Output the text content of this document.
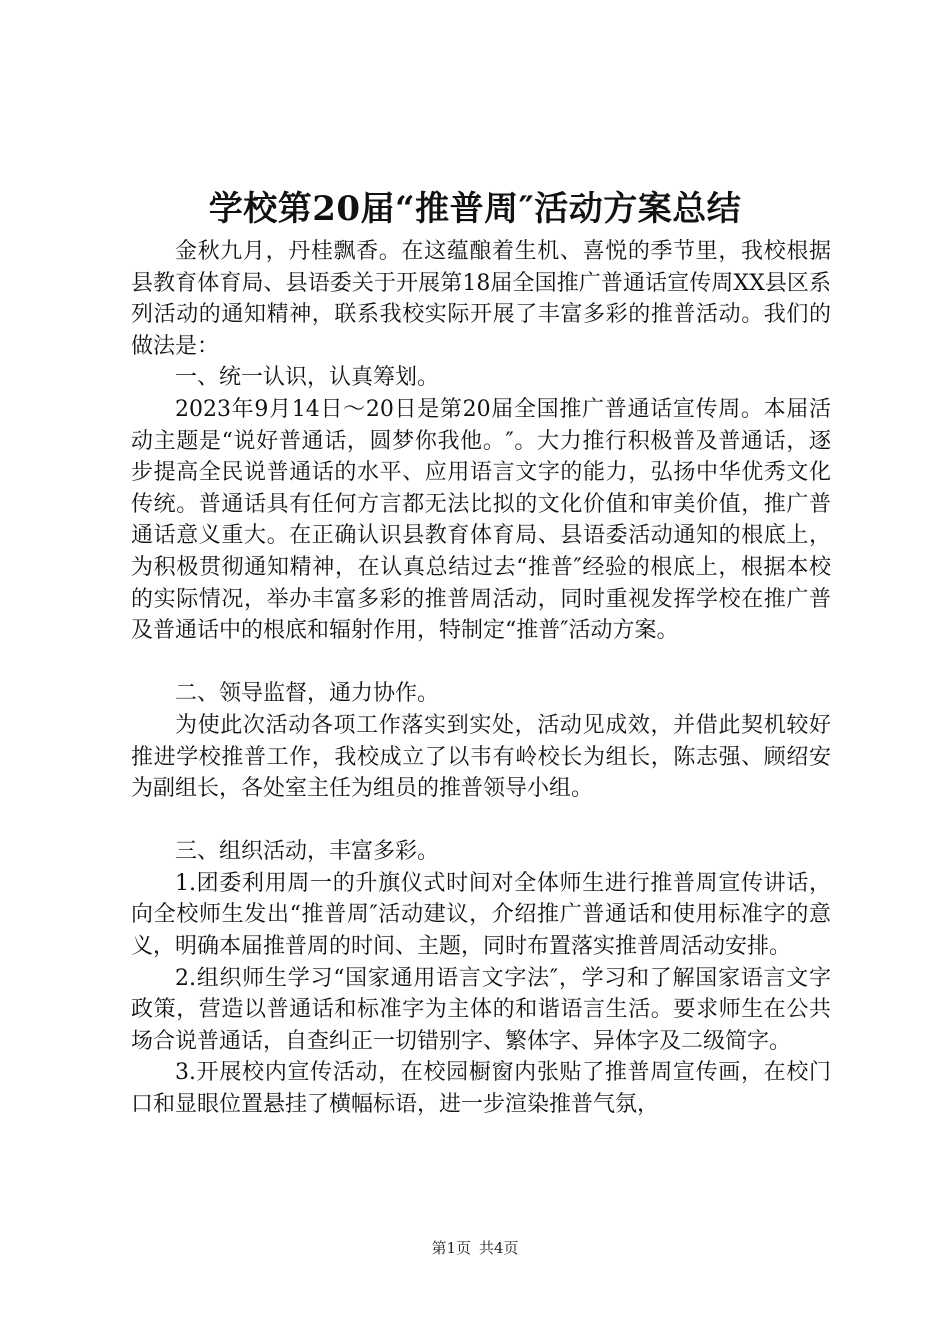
学校第20届“推普周″活动方案总结

金秋九月，丹桂飘香。在这蕴酿着生机、喜悦的季节里，我校根据县教育体育局、县语委关于开展第18届全国推广普通话宣传周XX县区系列活动的通知精神，联系我校实际开展了丰富多彩的推普活动。我们的做法是：

一、统一认识，认真筹划。

2023年9月14日～20日是第20届全国推广普通话宣传周。本届活动主题是“说好普通话，圆梦你我他。″。大力推行积极普及普通话，逐步提高全民说普通话的水平、应用语言文字的能力，弘扬中华优秀文化传统。普通话具有任何方言都无法比拟的文化价值和审美价值，推广普通话意义重大。在正确认识县教育体育局、县语委活动通知的根底上，为积极贯彻通知精神，在认真总结过去“推普″经验的根底上，根据本校的实际情况，举办丰富多彩的推普周活动，同时重视发挥学校在推广普及普通话中的根底和辐射作用，特制定“推普″活动方案。

二、领导监督，通力协作。

为使此次活动各项工作落实到实处，活动见成效，并借此契机较好推进学校推普工作，我校成立了以韦有岭校长为组长，陈志强、顾绍安为副组长，各处室主任为组员的推普领导小组。

三、组织活动，丰富多彩。

1.团委利用周一的升旗仪式时间对全体师生进行推普周宣传讲话，向全校师生发出“推普周″活动建议，介绍推广普通话和使用标准字的意义，明确本届推普周的时间、主题，同时布置落实推普周活动安排。

2.组织师生学习“国家通用语言文字法″，学习和了解国家语言文字政策，营造以普通话和标准字为主体的和谐语言生活。要求师生在公共场合说普通话，自查纠正一切错别字、繁体字、异体字及二级简字。

3.开展校内宣传活动，在校园橱窗内张贴了推普周宣传画，在校门口和显眼位置悬挂了横幅标语，进一步渲染推普气氛，

第1页 共4页
